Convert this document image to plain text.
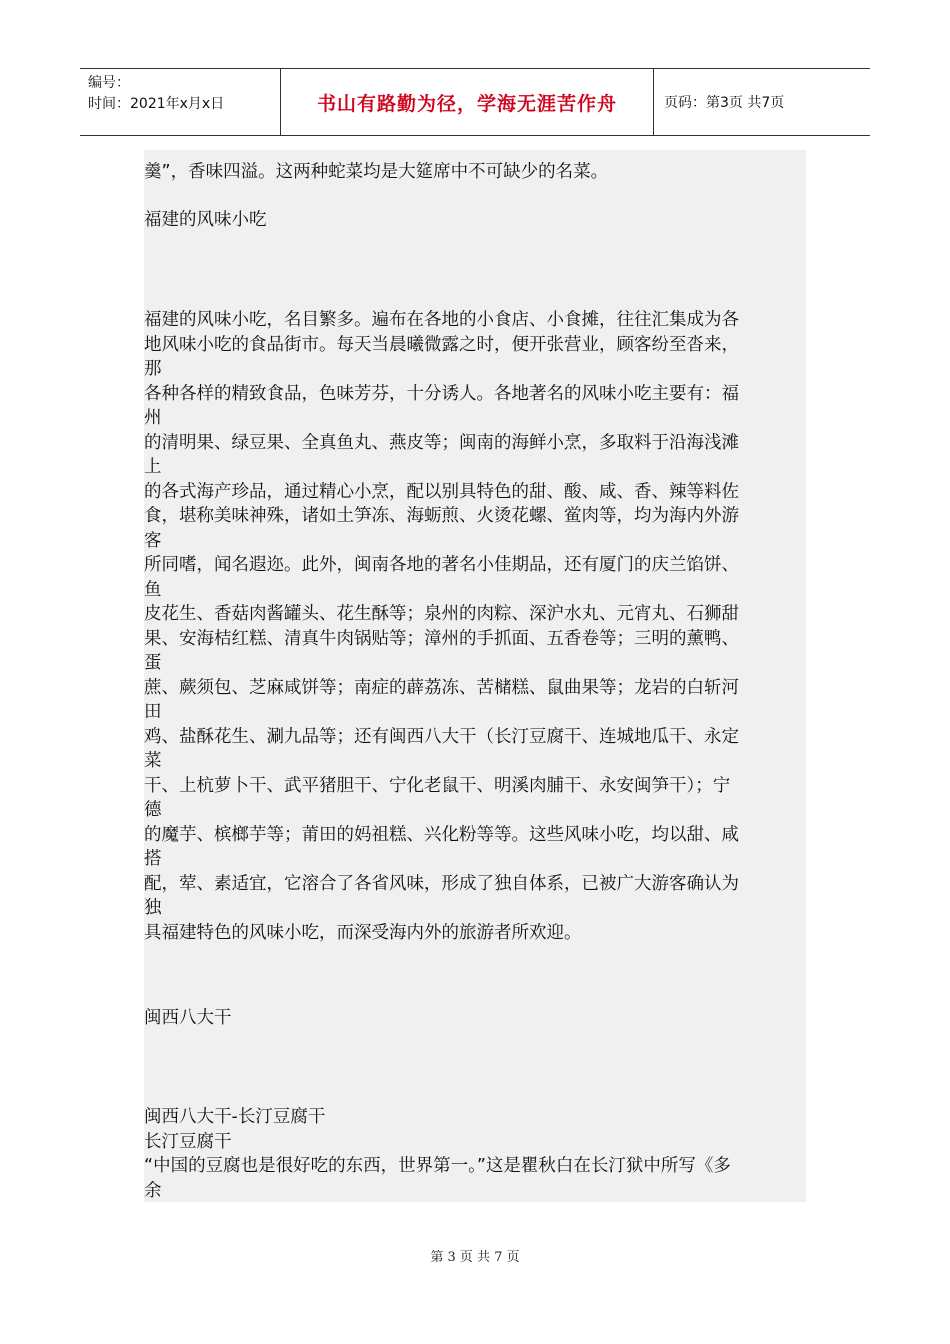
编号：
时间：2021年x月x日	书山有路勤为径，学海无涯苦作舟	页码：第3页 共7页

羹”，香味四溢。这两种蛇菜均是大筵席中不可缺少的名菜。

福建的风味小吃

福建的风味小吃，名目繁多。遍布在各地的小食店、小食摊，往往汇集成为各

地风味小吃的食品街市。每天当晨曦微露之时，便开张营业，顾客纷至沓来，

那

各种各样的精致食品，色味芳芬，十分诱人。各地著名的风味小吃主要有：福

州

的清明果、绿豆果、全真鱼丸、燕皮等；闽南的海鲜小烹，多取料于沿海浅滩

上

的各式海产珍品，通过精心小烹，配以别具特色的甜、酸、咸、香、辣等料佐

食，堪称美味神殊，诸如土笋冻、海蛎煎、火烫花螺、鲎肉等，均为海内外游

客

所同嗜，闻名遐迩。此外，闽南各地的著名小佳期品，还有厦门的庆兰馅饼、

鱼

皮花生、香菇肉酱罐头、花生酥等；泉州的肉粽、深沪水丸、元宵丸、石狮甜

果、安海桔红糕、清真牛肉锅贴等；漳州的手抓面、五香卷等；三明的薰鸭、

蛋

蔗、蕨须包、芝麻咸饼等；南症的薜荔冻、苦槠糕、鼠曲果等；龙岩的白斩河

田

鸡、盐酥花生、涮九品等；还有闽西八大干（长汀豆腐干、连城地瓜干、永定

菜

干、上杭萝卜干、武平猪胆干、宁化老鼠干、明溪肉脯干、永安闽笋干）；宁

德

的魔芋、槟榔芋等；莆田的妈祖糕、兴化粉等等。这些风味小吃，均以甜、咸

搭

配，荤、素适宜，它溶合了各省风味，形成了独自体系，已被广大游客确认为

独

具福建特色的风味小吃，而深受海内外的旅游者所欢迎。

闽西八大干

闽西八大干-长汀豆腐干

长汀豆腐干

“中国的豆腐也是很好吃的东西，世界第一。”这是瞿秋白在长汀狱中所写《多

余

第 3 页 共 7 页
